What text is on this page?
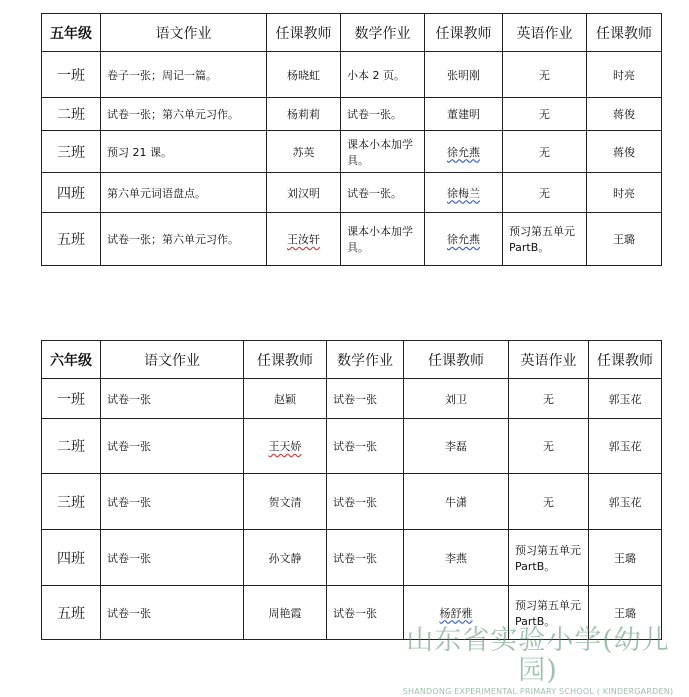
五年级	语文作业	任课教师	数学作业	任课教师	英语作业	任课教师
一班	卷子一张；周记一篇。	杨晓虹	小本 2 页。	张明刚	无	时亮
二班	试卷一张；第六单元习作。	杨莉莉	试卷一张。	董建明	无	蒋俊
三班	预习 21 课。	苏英	课本小本加学具。	徐允燕	无	蒋俊
四班	第六单元词语盘点。	刘汉明	试卷一张。	徐梅兰	无	时亮
五班	试卷一张；第六单元习作。	王汝轩	课本小本加学具。	徐允燕	预习第五单元 PartB。	王璐
六年级	语文作业	任课教师	数学作业	任课教师	英语作业	任课教师
一班	试卷一张	赵颖	试卷一张	刘卫	无	郭玉花
二班	试卷一张	王天娇	试卷一张	李磊	无	郭玉花
三班	试卷一张	贺文清	试卷一张	牛潇	无	郭玉花
四班	试卷一张	孙文静	试卷一张	李燕	预习第五单元 PartB。	王璐
五班	试卷一张	周艳霞	试卷一张	杨舒雅	预习第五单元 PartB。	王璐
山东省实验小学(幼儿园)
SHANDONG EXPERIMENTAL PRIMARY SCHOOL ( KINDERGARDEN)
